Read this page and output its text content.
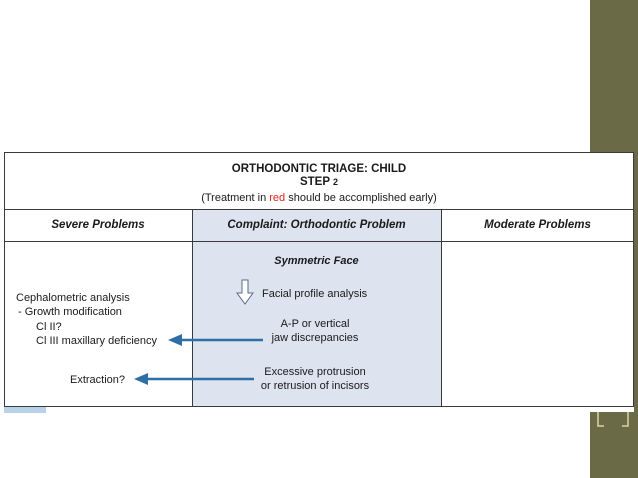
ORTHODONTIC TRIAGE: CHILD
STEP 2
(Treatment in red should be accomplished early)
Severe Problems	Complaint: Orthodontic Problem	Moderate Problems
Symmetric Face
Facial profile analysis
A-P or vertical
jaw discrepancies
Excessive protrusion
or retrusion of incisors
Cephalometric analysis
- Growth modification
Cl II?
Cl III maxillary deficiency
Extraction?
